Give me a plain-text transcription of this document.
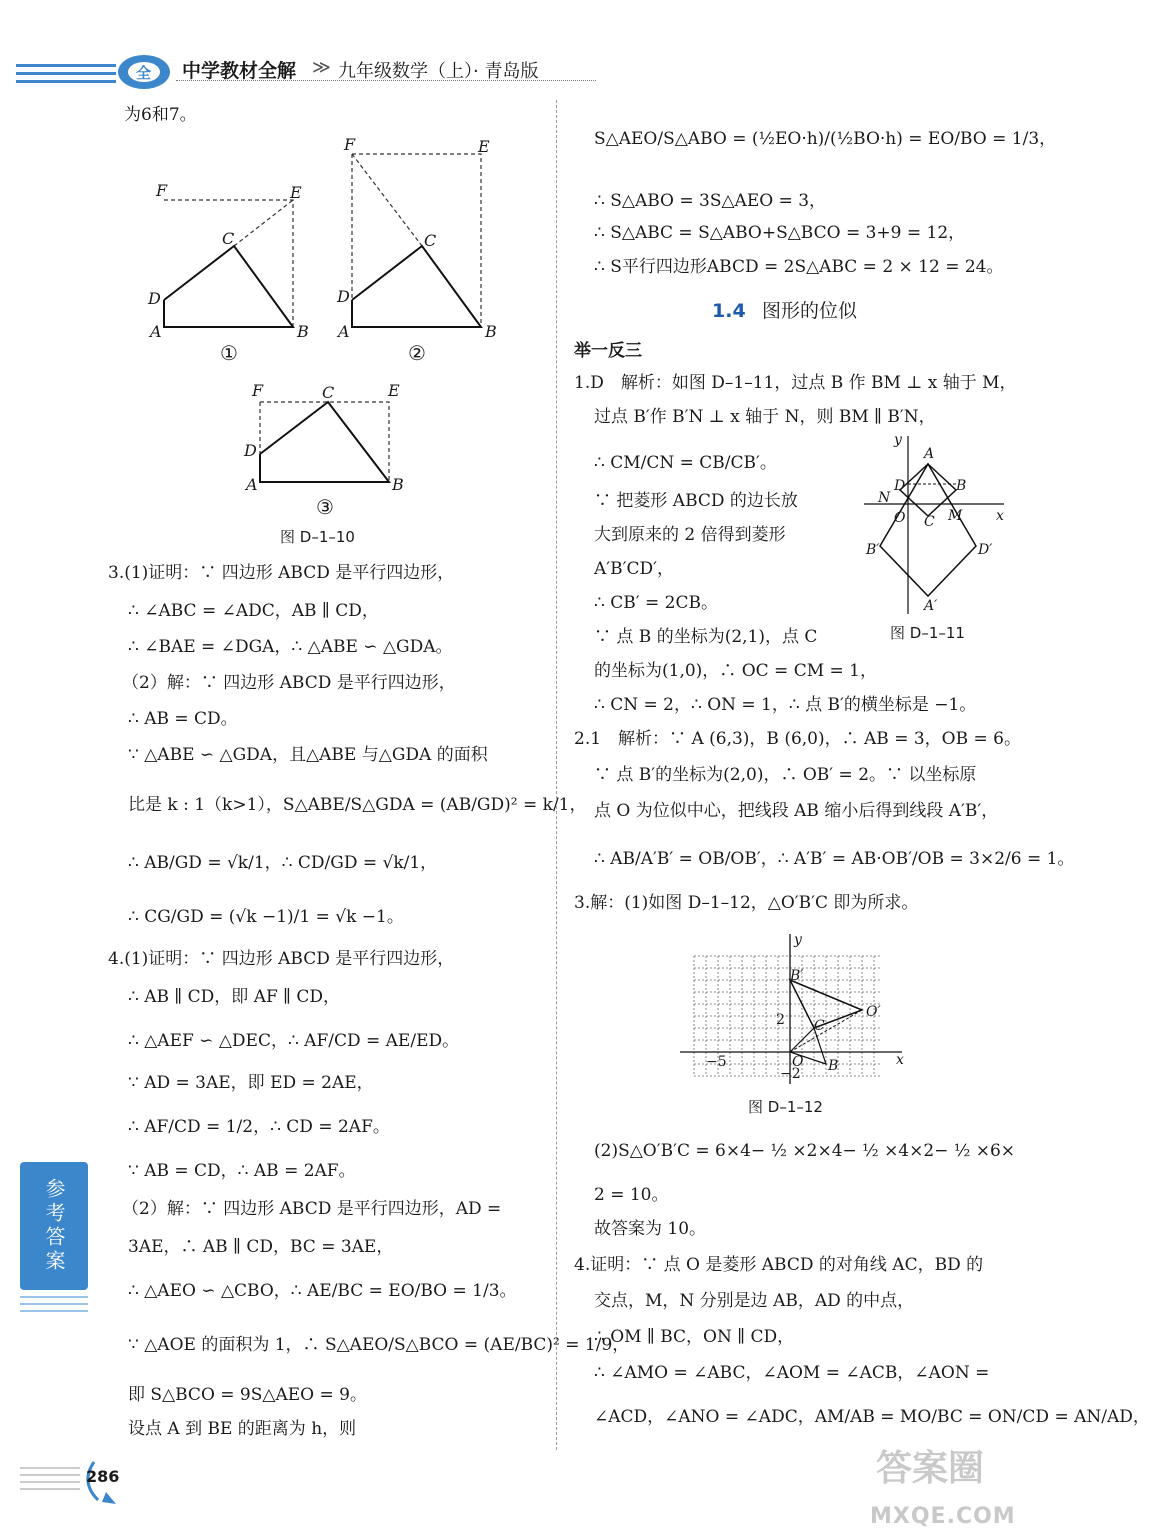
全 中学教材全解 ≫ 九年级数学（上）· 青岛版
为6和7。
F	E
C
D
A	B
①
F	E
C
D
A	B
②
F	C	E
D
A	B
③
图 D–1–10
3.(1)证明：∵ 四边形 ABCD 是平行四边形，
∴ ∠ABC = ∠ADC，AB ∥ CD，
∴ ∠BAE = ∠DGA，∴ △ABE ∽ △GDA。
（2）解：∵ 四边形 ABCD 是平行四边形，
∴ AB = CD。
∵ △ABE ∽ △GDA，且△ABE 与△GDA 的面积
比是 k : 1（k>1），S△ABE/S△GDA = (AB/GD)² = k/1，
∴ AB/GD = √k/1，∴ CD/GD = √k/1，
∴ CG/GD = (√k −1)/1 = √k −1。
4.(1)证明：∵ 四边形 ABCD 是平行四边形，
∴ AB ∥ CD，即 AF ∥ CD，
∴ △AEF ∽ △DEC，∴ AF/CD = AE/ED。
∵ AD = 3AE，即 ED = 2AE，
∴ AF/CD = 1/2，∴ CD = 2AF。
∵ AB = CD，∴ AB = 2AF。
（2）解：∵ 四边形 ABCD 是平行四边形，AD =
3AE，∴ AB ∥ CD，BC = 3AE，
∴ △AEO ∽ △CBO，∴ AE/BC = EO/BO = 1/3。
∵ △AOE 的面积为 1，∴ S△AEO/S△BCO = (AE/BC)² = 1/9，
即 S△BCO = 9S△AEO = 9。
设点 A 到 BE 的距离为 h，则
参考答案
S△AEO/S△ABO = (½EO·h)/(½BO·h) = EO/BO = 1/3，
∴ S△ABO = 3S△AEO = 3，
∴ S△ABC = S△ABO+S△BCO = 3+9 = 12，
∴ S平行四边形ABCD = 2S△ABC = 2 × 12 = 24。
1.4 图形的位似
举一反三
1.D　解析：如图 D–1–11，过点 B 作 BM ⊥ x 轴于 M，
过点 B′作 B′N ⊥ x 轴于 N，则 BM ∥ B′N，
∴ CM/CN = CB/CB′。
∵ 把菱形 ABCD 的边长放
大到原来的 2 倍得到菱形
A′B′CD′，
∴ CB′ = 2CB。
∵ 点 B 的坐标为(2,1)，点 C
的坐标为(1,0)，∴ OC = CM = 1，
∴ CN = 2，∴ ON = 1，∴ 点 B′的横坐标是 −1。
y
x
A
D	B
N
O C M
B′	D′
A′
图 D–1–11
2.1　解析：∵ A (6,3)，B (6,0)，∴ AB = 3，OB = 6。
∵ 点 B′的坐标为(2,0)，∴ OB′ = 2。∵ 以坐标原
点 O 为位似中心，把线段 AB 缩小后得到线段 A′B′，
∴ AB/A′B′ = OB/OB′，∴ A′B′ = AB·OB′/OB = 3×2/6 = 1。
3.解：(1)如图 D–1–12，△O′B′C 即为所求。
y
x
B′
O′
C
B
O
2
−5
−2
图 D–1–12
(2)S△O′B′C = 6×4− ½ ×2×4− ½ ×4×2− ½ ×6×
2 = 10。
故答案为 10。
4.证明：∵ 点 O 是菱形 ABCD 的对角线 AC，BD 的
交点，M，N 分别是边 AB，AD 的中点，
∴ OM ∥ BC，ON ∥ CD，
∴ ∠AMO = ∠ABC，∠AOM = ∠ACB，∠AON =
∠ACD，∠ANO = ∠ADC，AM/AB = MO/BC = ON/CD = AN/AD，
286	答案圈
MXQE.COM
